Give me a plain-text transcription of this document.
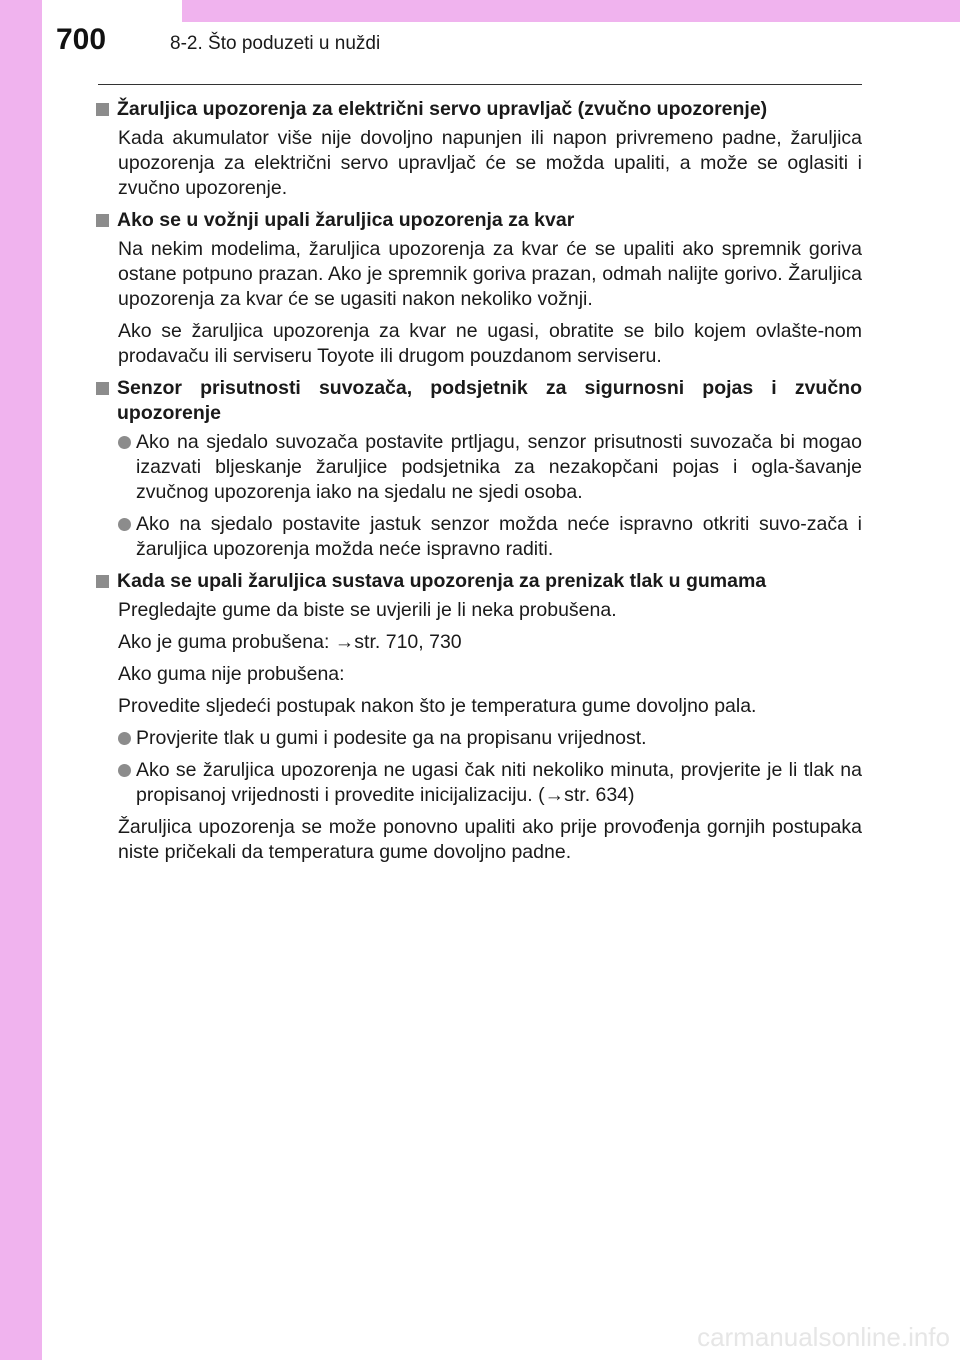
700	8-2. Što poduzeti u nuždi
Žaruljica upozorenja za električni servo upravljač (zvučno upozorenje)

Kada akumulator više nije dovoljno napunjen ili napon privremeno padne, žaruljica upozorenja za električni servo upravljač će se možda upaliti, a može se oglasiti i zvučno upozorenje.

Ako se u vožnji upali žaruljica upozorenja za kvar

Na nekim modelima, žaruljica upozorenja za kvar će se upaliti ako spremnik goriva ostane potpuno prazan. Ako je spremnik goriva prazan, odmah nalijte gorivo. Žaruljica upozorenja za kvar će se ugasiti nakon nekoliko vožnji.

Ako se žaruljica upozorenja za kvar ne ugasi, obratite se bilo kojem ovlašte-nom prodavaču ili serviseru Toyote ili drugom pouzdanom serviseru.

Senzor prisutnosti suvozača, podsjetnik za sigurnosni pojas i zvučno upozorenje
Ako na sjedalo suvozača postavite prtljagu, senzor prisutnosti suvozača bi mogao izazvati bljeskanje žaruljice podsjetnika za nezakopčani pojas i ogla-šavanje zvučnog upozorenja iako na sjedalu ne sjedi osoba.
Ako na sjedalo postavite jastuk senzor možda neće ispravno otkriti suvo-zača i žaruljica upozorenja možda neće ispravno raditi.
Kada se upali žaruljica sustava upozorenja za prenizak tlak u gumama

Pregledajte gume da biste se uvjerili je li neka probušena.

Ako je guma probušena: →str. 710, 730

Ako guma nije probušena:

Provedite sljedeći postupak nakon što je temperatura gume dovoljno pala.

Provjerite tlak u gumi i podesite ga na propisanu vrijednost.
Ako se žaruljica upozorenja ne ugasi čak niti nekoliko minuta, provjerite je li tlak na propisanoj vrijednosti i provedite inicijalizaciju. (→str. 634)

Žaruljica upozorenja se može ponovno upaliti ako prije provođenja gornjih postupaka niste pričekali da temperatura gume dovoljno padne.

carmanualsonline.info
